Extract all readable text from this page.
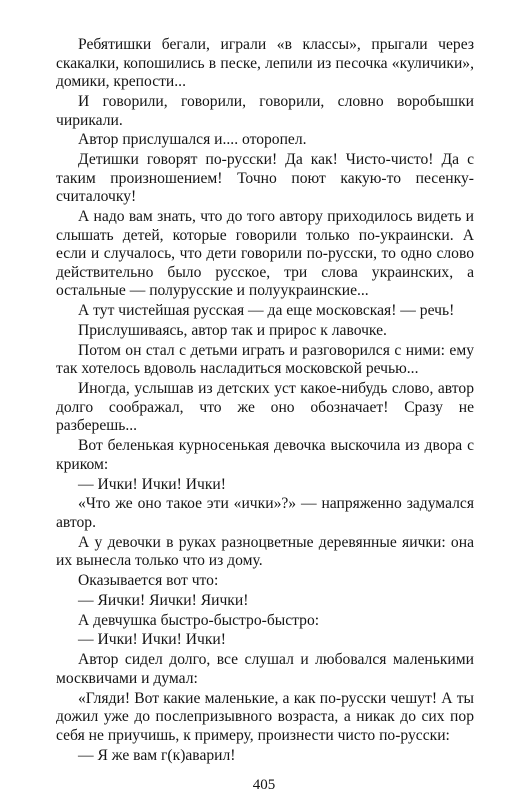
Ребятишки бегали, играли «в классы», прыгали через скакалки, копошились в песке, лепили из песочка «куличики», домики, крепости...

И говорили, говорили, говорили, словно воробышки чирикали.

Автор прислушался и.... оторопел.

Детишки говорят по-русски! Да как! Чисто-чисто! Да с таким произношением! Точно поют какую-то песенку-считалочку!

А надо вам знать, что до того автору приходилось видеть и слышать детей, которые говорили только по-украински. А если и случалось, что дети говорили по-русски, то одно слово действительно было русское, три слова украинских, а остальные — полурусские и полуукраинские...

А тут чистейшая русская — да еще московская! — речь!

Прислушиваясь, автор так и прирос к лавочке.

Потом он стал с детьми играть и разговорился с ними: ему так хотелось вдоволь насладиться московской речью...

Иногда, услышав из детских уст какое-нибудь слово, автор долго соображал, что же оно обозначает! Сразу не разберешь...

Вот беленькая курносенькая девочка выскочила из двора с криком:

— Ички! Ички! Ички!

«Что же оно такое эти «ички»?» — напряженно задумался автор.

А у девочки в руках разноцветные деревянные яички: она их вынесла только что из дому.

Оказывается вот что:

— Яички! Яички! Яички!

А девчушка быстро-быстро-быстро:

— Ички! Ички! Ички!

Автор сидел долго, все слушал и любовался маленькими москвичами и думал:

«Гляди! Вот какие маленькие, а как по-русски чешут! А ты дожил уже до послепризывного возраста, а никак до сих пор себя не приучишь, к примеру, произнести чисто по-русски:

— Я же вам г(к)аварил!

405
